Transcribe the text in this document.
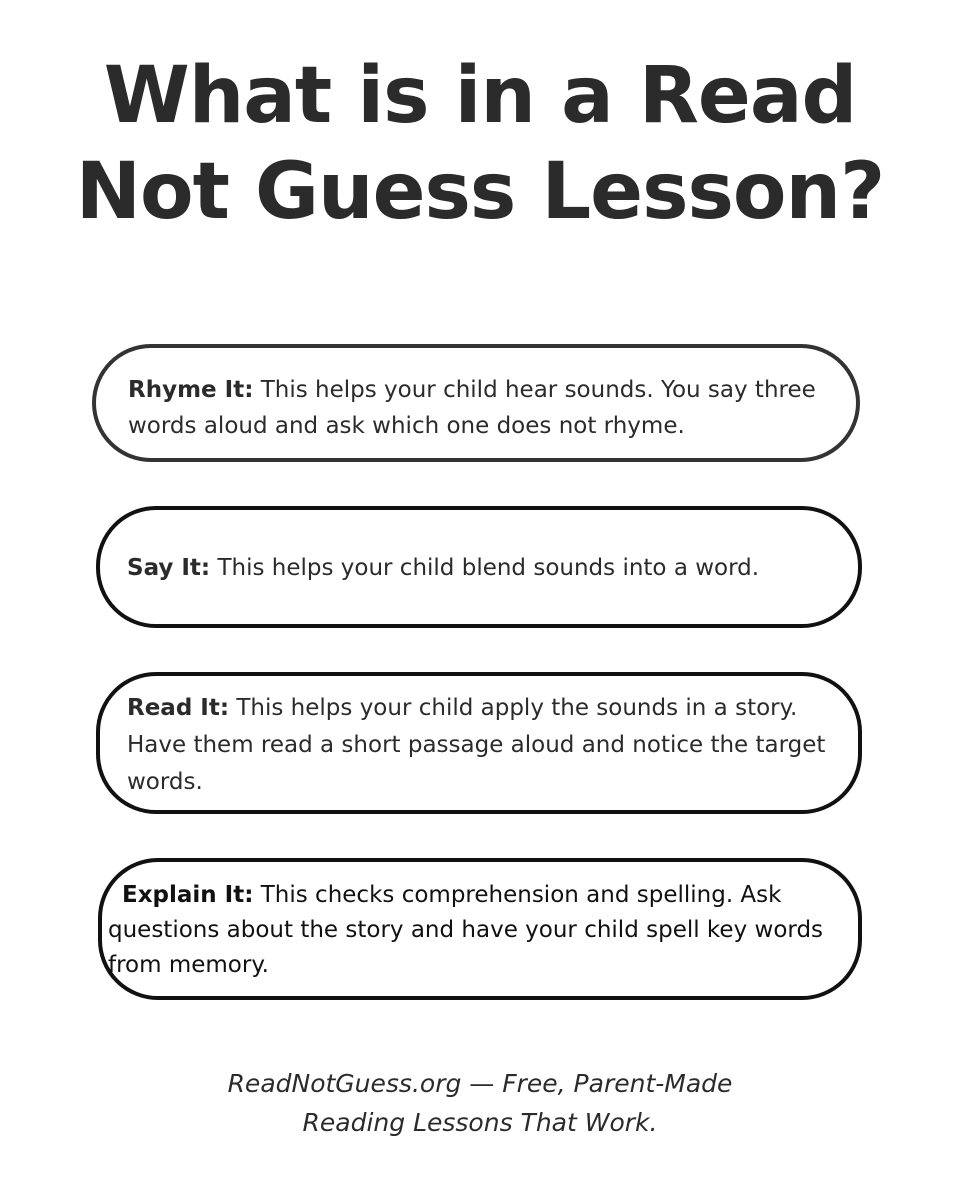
What is in a Read
Not Guess Lesson?
Rhyme It: This helps your child hear sounds. You say three words aloud and ask which one does not rhyme.
Say It: This helps your child blend sounds into a word.
Read It: This helps your child apply the sounds in a story. Have them read a short passage aloud and notice the target words.
Explain It: This checks comprehension and spelling. Ask questions about the story and have your child spell key words from memory.
ReadNotGuess.org — Free, Parent-Made
Reading Lessons That Work.
